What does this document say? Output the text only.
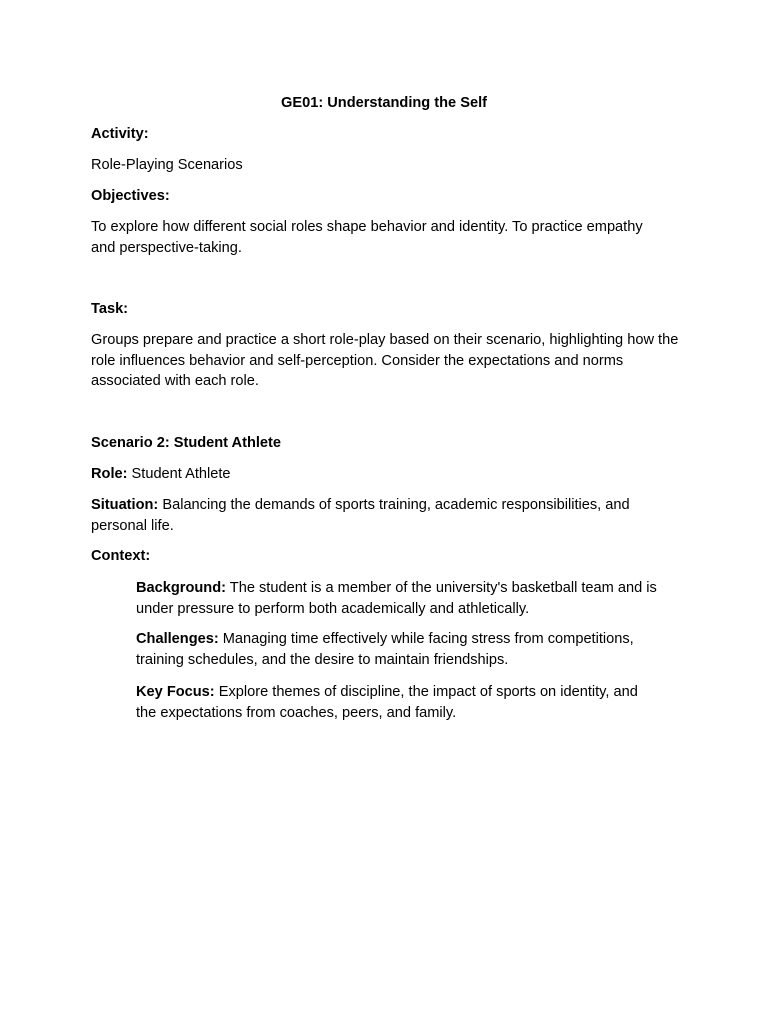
GE01: Understanding the Self

Activity:

Role-Playing Scenarios

Objectives:

To explore how different social roles shape behavior and identity. To practice empathy and perspective-taking.

Task:

Groups prepare and practice a short role-play based on their scenario, highlighting how the role influences behavior and self-perception. Consider the expectations and norms associated with each role.

Scenario 2: Student Athlete

Role: Student Athlete

Situation: Balancing the demands of sports training, academic responsibilities, and personal life.

Context:

Background: The student is a member of the university's basketball team and is under pressure to perform both academically and athletically.

Challenges: Managing time effectively while facing stress from competitions, training schedules, and the desire to maintain friendships.

Key Focus: Explore themes of discipline, the impact of sports on identity, and the expectations from coaches, peers, and family.
